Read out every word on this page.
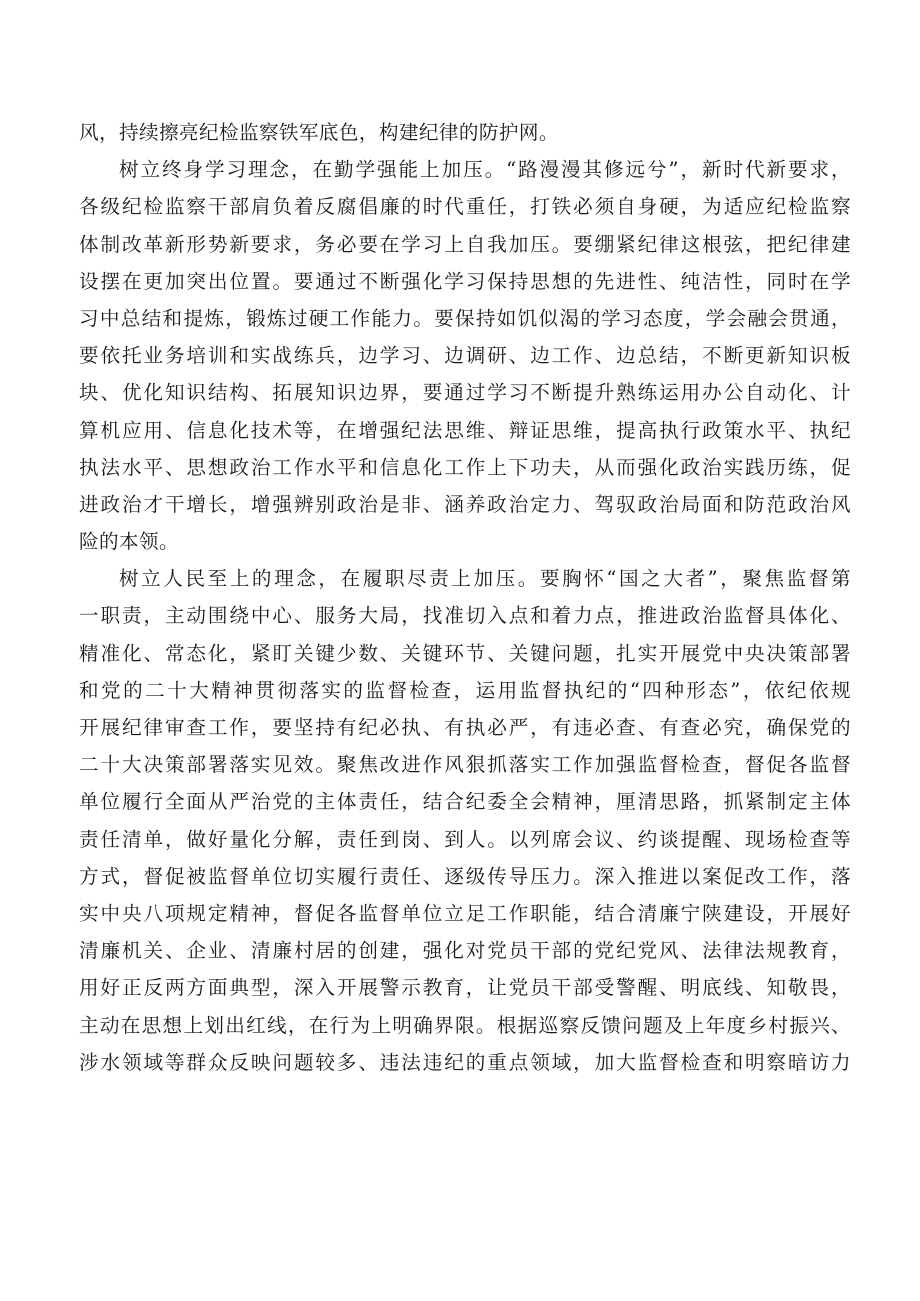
风，持续擦亮纪检监察铁军底色，构建纪律的防护网。
树立终身学习理念，在勤学强能上加压。“路漫漫其修远兮”，新时代新要求，
各级纪检监察干部肩负着反腐倡廉的时代重任，打铁必须自身硬，为适应纪检监察
体制改革新形势新要求，务必要在学习上自我加压。要绷紧纪律这根弦，把纪律建
设摆在更加突出位置。要通过不断强化学习保持思想的先进性、纯洁性，同时在学
习中总结和提炼，锻炼过硬工作能力。要保持如饥似渴的学习态度，学会融会贯通，
要依托业务培训和实战练兵，边学习、边调研、边工作、边总结，不断更新知识板
块、优化知识结构、拓展知识边界，要通过学习不断提升熟练运用办公自动化、计
算机应用、信息化技术等，在增强纪法思维、辩证思维，提高执行政策水平、执纪
执法水平、思想政治工作水平和信息化工作上下功夫，从而强化政治实践历练，促
进政治才干增长，增强辨别政治是非、涵养政治定力、驾驭政治局面和防范政治风
险的本领。
树立人民至上的理念，在履职尽责上加压。要胸怀“国之大者”，聚焦监督第
一职责，主动围绕中心、服务大局，找准切入点和着力点，推进政治监督具体化、
精准化、常态化，紧盯关键少数、关键环节、关键问题，扎实开展党中央决策部署
和党的二十大精神贯彻落实的监督检查，运用监督执纪的“四种形态”，依纪依规
开展纪律审查工作，要坚持有纪必执、有执必严，有违必查、有查必究，确保党的
二十大决策部署落实见效。聚焦改进作风狠抓落实工作加强监督检查，督促各监督
单位履行全面从严治党的主体责任，结合纪委全会精神，厘清思路，抓紧制定主体
责任清单，做好量化分解，责任到岗、到人。以列席会议、约谈提醒、现场检查等
方式，督促被监督单位切实履行责任、逐级传导压力。深入推进以案促改工作，落
实中央八项规定精神，督促各监督单位立足工作职能，结合清廉宁陕建设，开展好
清廉机关、企业、清廉村居的创建，强化对党员干部的党纪党风、法律法规教育，
用好正反两方面典型，深入开展警示教育，让党员干部受警醒、明底线、知敬畏，
主动在思想上划出红线，在行为上明确界限。根据巡察反馈问题及上年度乡村振兴、
涉水领域等群众反映问题较多、违法违纪的重点领域，加大监督检查和明察暗访力
